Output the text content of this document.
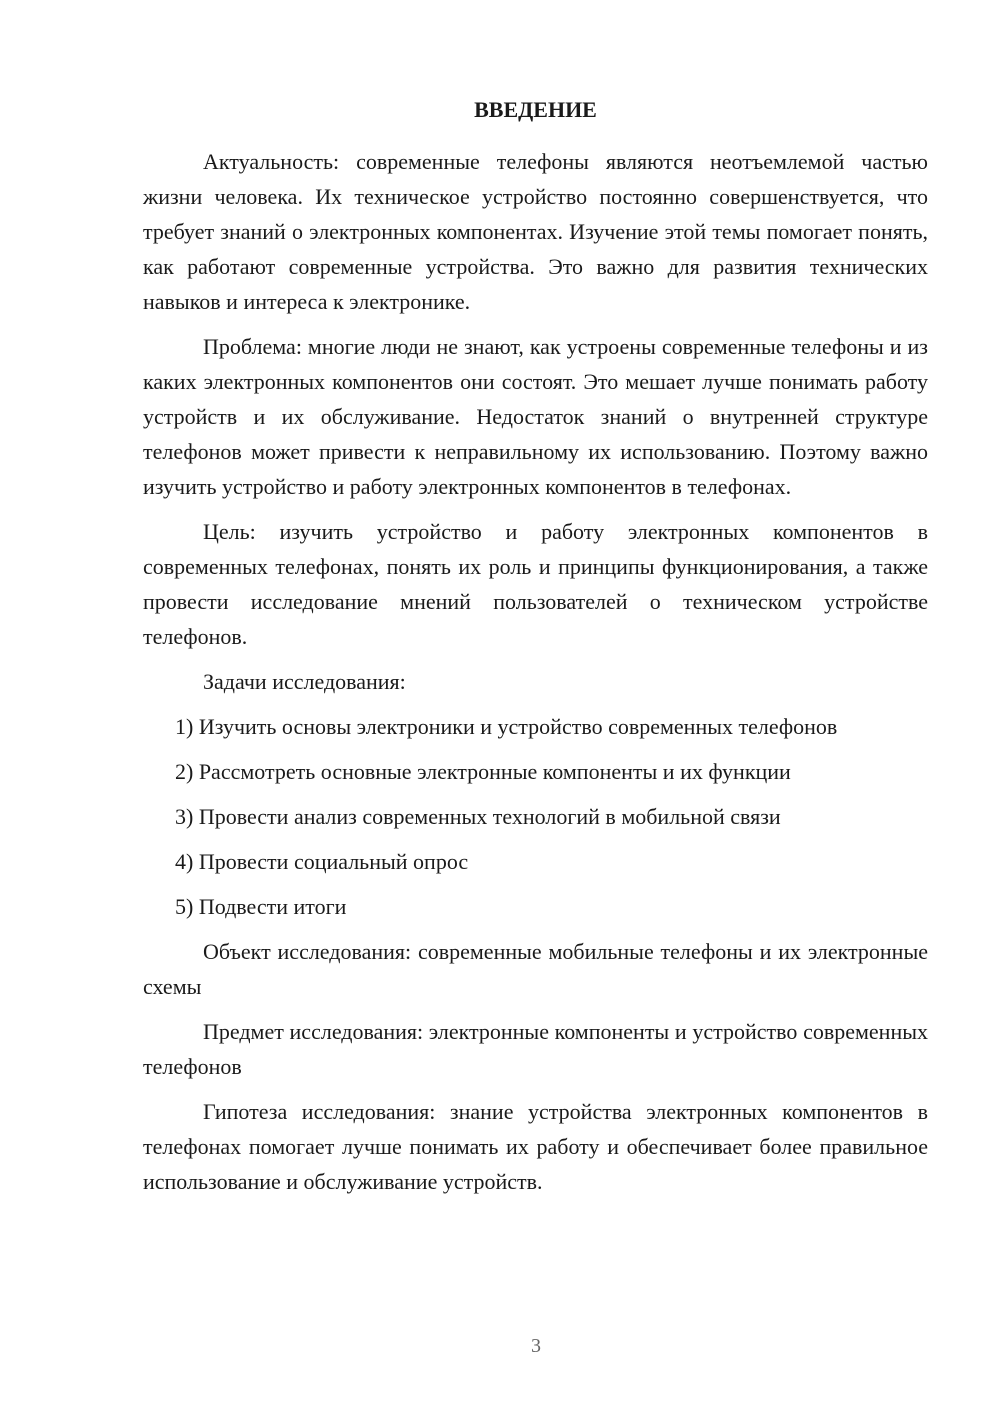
ВВЕДЕНИЕ

Актуальность: современные телефоны являются неотъемлемой частью жизни человека. Их техническое устройство постоянно совершенствуется, что требует знаний о электронных компонентах. Изучение этой темы помогает понять, как работают современные устройства. Это важно для развития технических навыков и интереса к электронике.

Проблема: многие люди не знают, как устроены современные телефоны и из каких электронных компонентов они состоят. Это мешает лучше понимать работу устройств и их обслуживание. Недостаток знаний о внутренней структуре телефонов может привести к неправильному их использованию. Поэтому важно изучить устройство и работу электронных компонентов в телефонах.

Цель: изучить устройство и работу электронных компонентов в современных телефонах, понять их роль и принципы функционирования, а также провести исследование мнений пользователей о техническом устройстве телефонов.

Задачи исследования:

1) Изучить основы электроники и устройство современных телефонов
2) Рассмотреть основные электронные компоненты и их функции
3) Провести анализ современных технологий в мобильной связи
4) Провести социальный опрос
5) Подвести итоги

Объект исследования: современные мобильные телефоны и их электронные схемы

Предмет исследования: электронные компоненты и устройство современных телефонов

Гипотеза исследования: знание устройства электронных компонентов в телефонах помогает лучше понимать их работу и обеспечивает более правильное использование и обслуживание устройств.

3
